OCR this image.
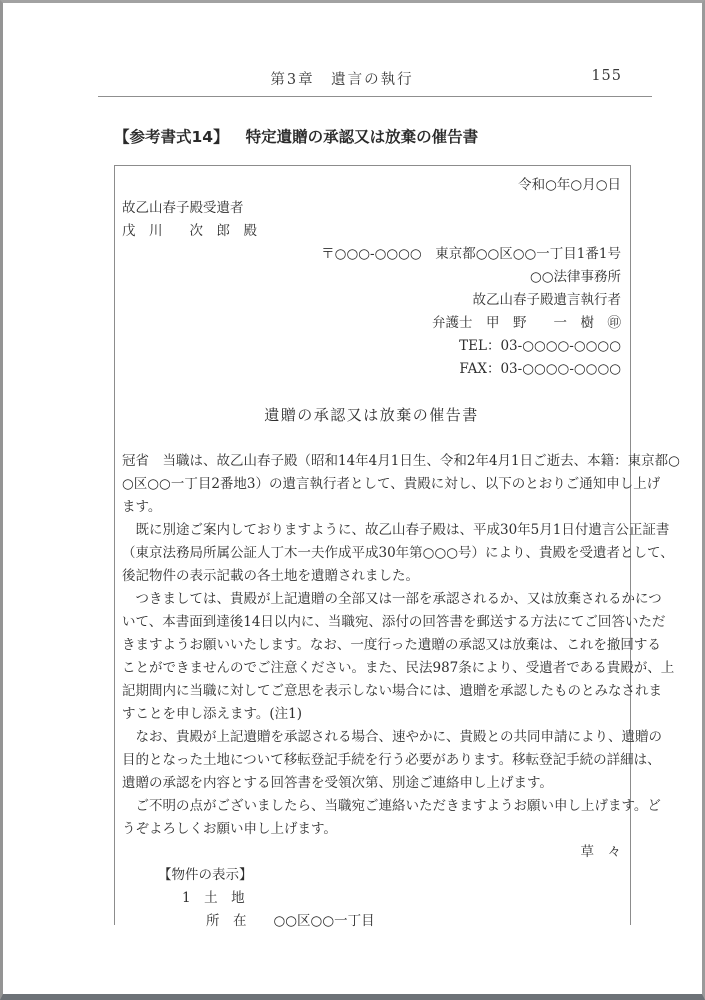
第3章　遺言の執行	155
【参考書式14】 特定遺贈の承認又は放棄の催告書
令和○年○月○日
故乙山春子殿受遺者
戊　川　　次　郎　殿
〒○○○-○○○○　東京都○○区○○一丁目1番1号
○○法律事務所
故乙山春子殿遺言執行者
弁護士　甲　野　　一　樹　㊞
TEL：03-○○○○-○○○○
FAX：03-○○○○-○○○○
遺贈の承認又は放棄の催告書
冠省　当職は、故乙山春子殿（昭和14年4月1日生、令和2年4月1日ご逝去、本籍：東京都○
○区○○一丁目2番地3）の遺言執行者として、貴殿に対し、以下のとおりご通知申し上げ
ます。
　既に別途ご案内しておりますように、故乙山春子殿は、平成30年5月1日付遺言公正証書
（東京法務局所属公証人丁木一夫作成平成30年第○○○号）により、貴殿を受遺者として、
後記物件の表示記載の各土地を遺贈されました。
　つきましては、貴殿が上記遺贈の全部又は一部を承認されるか、又は放棄されるかにつ
いて、本書面到達後14日以内に、当職宛、添付の回答書を郵送する方法にてご回答いただ
きますようお願いいたします。なお、一度行った遺贈の承認又は放棄は、これを撤回する
ことができませんのでご注意ください。また、民法987条により、受遺者である貴殿が、上
記期間内に当職に対してご意思を表示しない場合には、遺贈を承認したものとみなされま
すことを申し添えます。(注1)
　なお、貴殿が上記遺贈を承認される場合、速やかに、貴殿との共同申請により、遺贈の
目的となった土地について移転登記手続を行う必要があります。移転登記手続の詳細は、
遺贈の承認を内容とする回答書を受領次第、別途ご連絡申し上げます。
　ご不明の点がございましたら、当職宛ご連絡いただきますようお願い申し上げます。ど
うぞよろしくお願い申し上げます。
草　々
【物件の表示】
1　土　地
所　在 ○○区○○一丁目
